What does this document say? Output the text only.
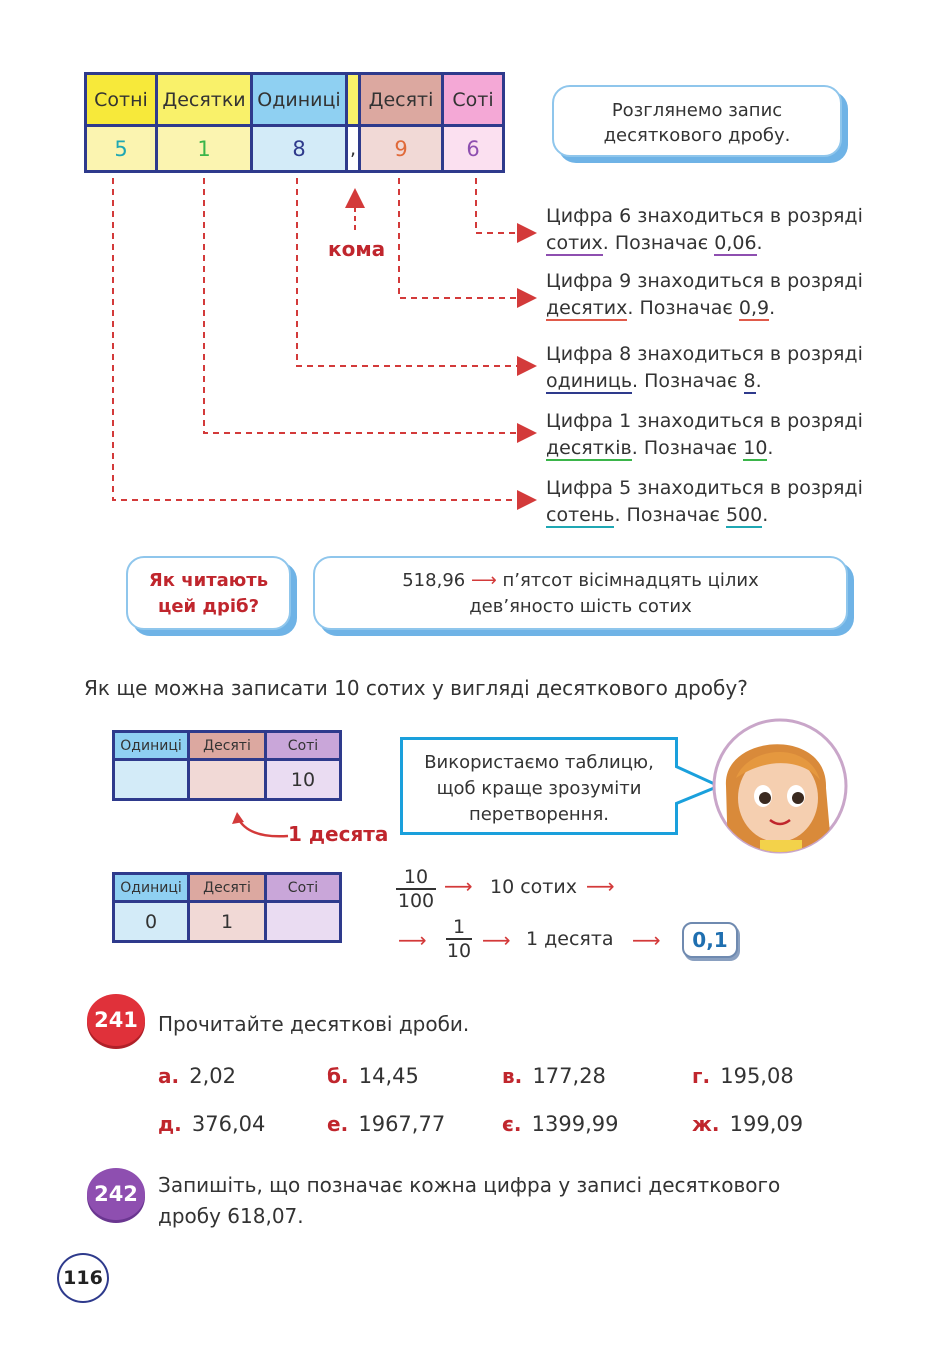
Сотні	Десятки	Одиниці		Десяті	Соті
5	1	8	,	9	6
кома
Розглянемо запис
десяткового дробу.
Цифра 6 знаходиться в розряді
сотих. Позначає 0,06.
Цифра 9 знаходиться в розряді
десятих. Позначає 0,9.
Цифра 8 знаходиться в розряді
одиниць. Позначає 8.
Цифра 1 знаходиться в розряді
десятків. Позначає 10.
Цифра 5 знаходиться в розряді
сотень. Позначає 500.
Як читають
цей дріб?
518,96 ⟶ п’ятсот вісімнадцять цілих
дев’яносто шість сотих
Як ще можна записати 10 сотих у вигляді десяткового дробу?
Одиниці	Десяті	Соті
		10
1 десята
Одиниці	Десяті	Соті
0	1	
Використаємо таблицю,
щоб краще зрозуміти
перетворення.
$\frac{10}{100}$ ⟶ 10 сотих ⟶
⟶ $\frac{1}{10}$ ⟶ 1 десята ⟶	0,1
241	Прочитайте десяткові дроби.
а. 2,02	б. 14,45	в. 177,28	г. 195,08
д. 376,04	е. 1967,77	є. 1399,99	ж. 199,09
242	Запишіть, що позначає кожна цифра у записі десяткового
дробу 618,07.
116
